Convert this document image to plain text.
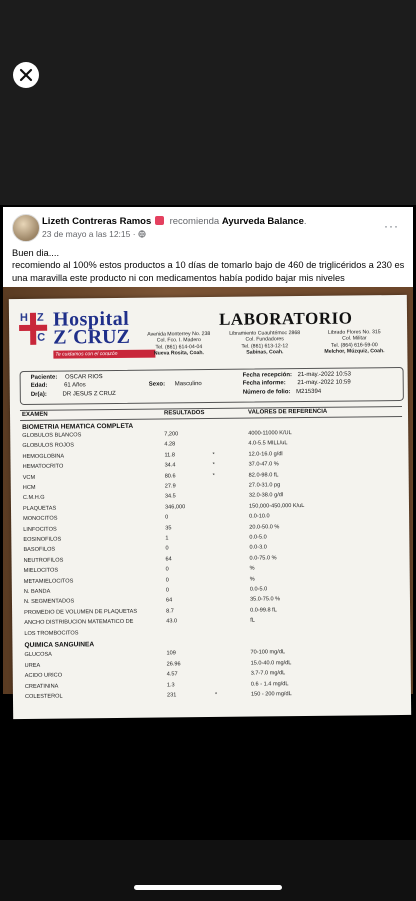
Lizeth Contreras Ramos recomienda Ayurveda Balance.
23 de mayo a las 12:15 ·
···
Buen dia....
recomiendo al 100% estos productos a 10 días de tomarlo bajo de 460 de triglicéridos a 230 es una maravilla este producto ni con medicamentos había podido bajar mis niveles
H Z
C
Hospital
Z´CRUZ
Te cuidamos con el corazón
LABORATORIO
Avenida Monterrey No. 238
Col. Fco. I. Madero
Tel. (861) 614-04-04
Nueva Rosita, Coah.
Libramiento Cuauhtémoc 2868
Col. Fundadores
Tel. (861) 613-12-12
Sabinas, Coah.
Librado Flores No. 315
Col. Militar
Tel. (864) 616-59-00
Melchor, Múzquiz, Coah.
Paciente: OSCAR RIOS
Edad:	61 Años
Dr(a):	DR JESUS Z CRUZ
Sexo: Masculino
Fecha recepción: 21-may.-2022 10:53
Fecha informe: 21-may.-2022 10:59
Número de folio: M215394
EXAMEN	RESULTADOS	VALORES DE REFERENCIA
BIOMETRIA HEMATICA COMPLETA
GLOBULOS BLANCOS	7,200	4000-11000 K/UL
GLOBULOS ROJOS	4.28	4.0-5.5 MILL/uL
HEMOGLOBINA	11.8	*	12.0-16.0 g/dl
HEMATOCRITO	34.4	*	37.0-47.0 %
VCM	80.6	*	82.0-98.0 fL
HCM	27.9	27.0-31.0 pg
C.M.H.G	34.5	32.0-38.0 g/dl
PLAQUETAS	346,000	150,000-450,000 K/uL
MONOCITOS	0	0.0-10.0
LINFOCITOS	35	20.0-50.0 %
EOSINOFILOS	1	0.0-5.0
BASOFILOS	0	0.0-3.0
NEUTROFILOS	64	0.0-75.0 %
MIELOCITOS	0	%
METAMIELOCITOS	0	%
N. BANDA	0	0.0-5.0
N. SEGMENTADOS	64	35.0-75.0 %
PROMEDIO DE VOLUMEN DE PLAQUETAS	8.7	0.0-99.8 fL
ANCHO DISTRIBUCION MATEMATICO DE	43.0	fL
LOS TROMBOCITOS
QUIMICA SANGUINEA
GLUCOSA	109	70-100 mg/dL
UREA	26.96	15.0-40.0 mg/dL
ACIDO URICO	4.57	3.7-7.0 mg/dL
CREATININA	1.3	0.6 - 1.4 mg/dL
COLESTEROL	231	*	150 - 200 mg/dL
